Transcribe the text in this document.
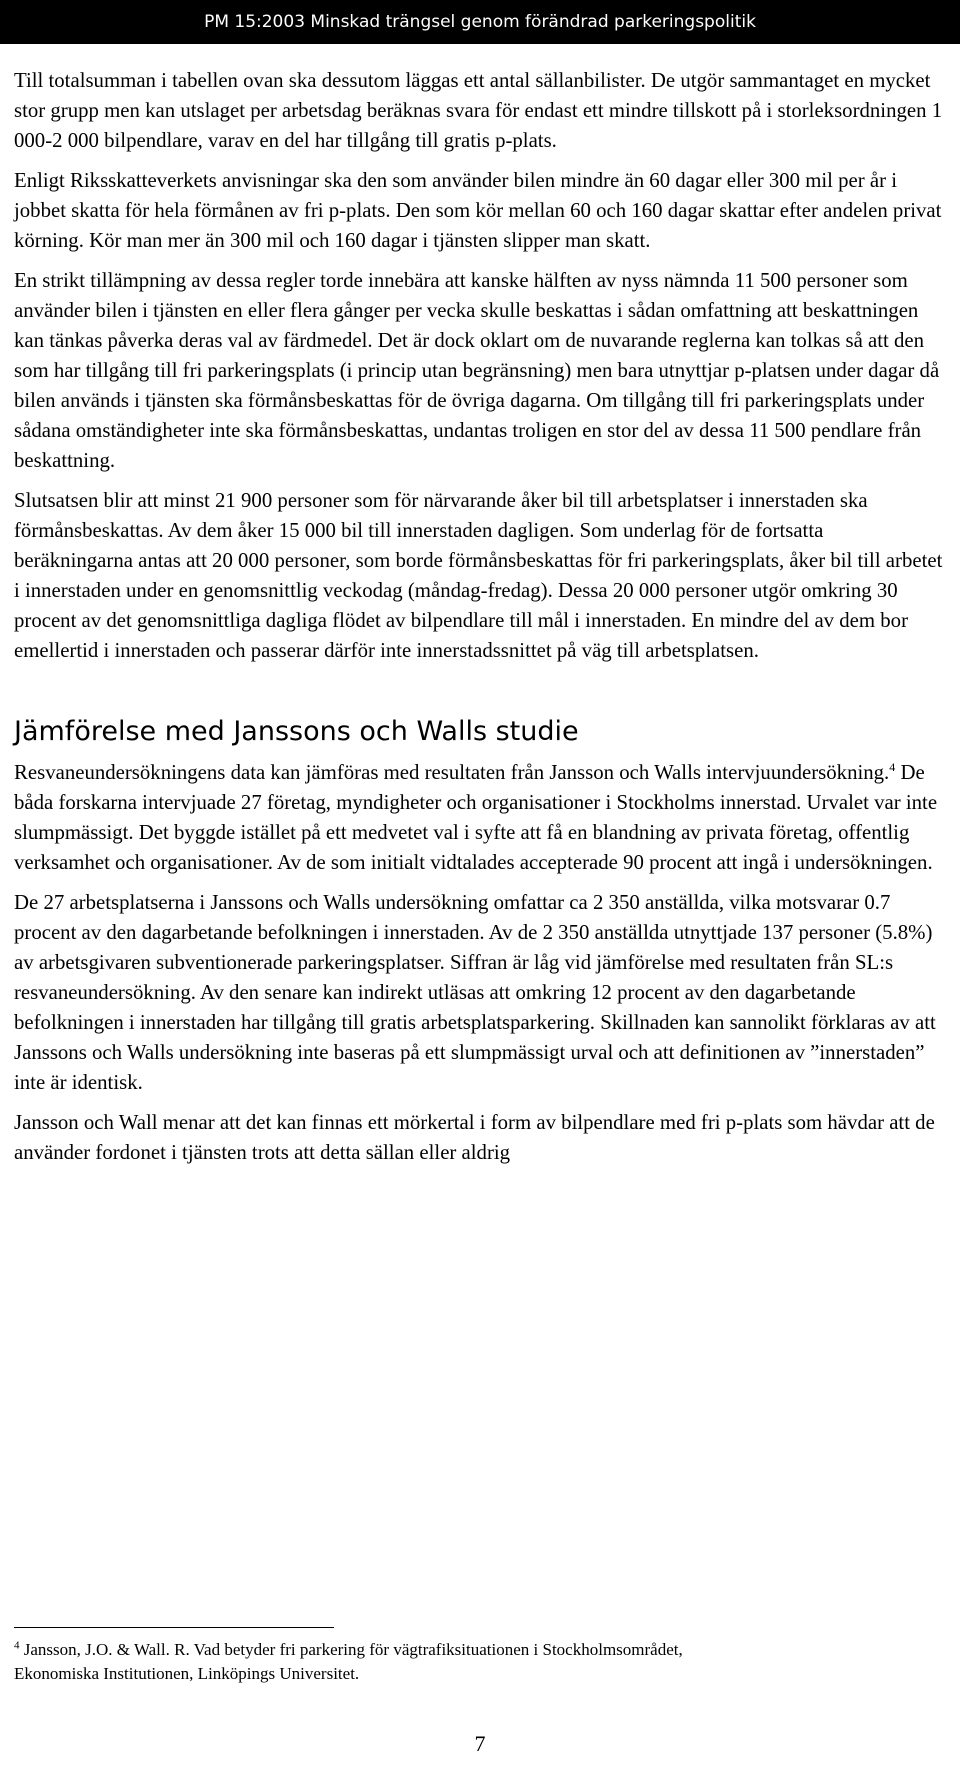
PM 15:2003 Minskad trängsel genom förändrad parkeringspolitik

Till totalsumman i tabellen ovan ska dessutom läggas ett antal sällanbilister. De utgör sammantaget en mycket stor grupp men kan utslaget per arbetsdag beräknas svara för endast ett mindre tillskott på i storleksordningen 1 000-2 000 bilpendlare, varav en del har tillgång till gratis p-plats.

Enligt Riksskatteverkets anvisningar ska den som använder bilen mindre än 60 dagar eller 300 mil per år i jobbet skatta för hela förmånen av fri p-plats. Den som kör mellan 60 och 160 dagar skattar efter andelen privat körning. Kör man mer än 300 mil och 160 dagar i tjänsten slipper man skatt.

En strikt tillämpning av dessa regler torde innebära att kanske hälften av nyss nämnda 11 500 personer som använder bilen i tjänsten en eller flera gånger per vecka skulle beskattas i sådan omfattning att beskattningen kan tänkas påverka deras val av färdmedel. Det är dock oklart om de nuvarande reglerna kan tolkas så att den som har tillgång till fri parkeringsplats (i princip utan begränsning) men bara utnyttjar p-platsen under dagar då bilen används i tjänsten ska förmånsbeskattas för de övriga dagarna. Om tillgång till fri parkeringsplats under sådana omständigheter inte ska förmånsbeskattas, undantas troligen en stor del av dessa 11 500 pendlare från beskattning.

Slutsatsen blir att minst 21 900 personer som för närvarande åker bil till arbetsplatser i innerstaden ska förmånsbeskattas. Av dem åker 15 000 bil till innerstaden dagligen. Som underlag för de fortsatta beräkningarna antas att 20 000 personer, som borde förmånsbeskattas för fri parkeringsplats, åker bil till arbetet i innerstaden under en genomsnittlig veckodag (måndag-fredag). Dessa 20 000 personer utgör omkring 30 procent av det genomsnittliga dagliga flödet av bilpendlare till mål i innerstaden. En mindre del av dem bor emellertid i innerstaden och passerar därför inte innerstadssnittet på väg till arbetsplatsen.

Jämförelse med Janssons och Walls studie

Resvaneundersökningens data kan jämföras med resultaten från Jansson och Walls intervjuundersökning.$^4$ De båda forskarna intervjuade 27 företag, myndigheter och organisationer i Stockholms innerstad. Urvalet var inte slumpmässigt. Det byggde istället på ett medvetet val i syfte att få en blandning av privata företag, offentlig verksamhet och organisationer. Av de som initialt vidtalades accepterade 90 procent att ingå i undersökningen.

De 27 arbetsplatserna i Janssons och Walls undersökning omfattar ca 2 350 anställda, vilka motsvarar 0.7 procent av den dagarbetande befolkningen i innerstaden. Av de 2 350 anställda utnyttjade 137 personer (5.8%) av arbetsgivaren subventionerade parkeringsplatser. Siffran är låg vid jämförelse med resultaten från SL:s resvaneundersökning. Av den senare kan indirekt utläsas att omkring 12 procent av den dagarbetande befolkningen i innerstaden har tillgång till gratis arbetsplatsparkering. Skillnaden kan sannolikt förklaras av att Janssons och Walls undersökning inte baseras på ett slumpmässigt urval och att definitionen av ”innerstaden” inte är identisk.

Jansson och Wall menar att det kan finnas ett mörkertal i form av bilpendlare med fri p-plats som hävdar att de använder fordonet i tjänsten trots att detta sällan eller aldrig

$^4$ Jansson, J.O. & Wall. R. Vad betyder fri parkering för vägtrafiksituationen i Stockholmsområdet,
Ekonomiska Institutionen, Linköpings Universitet.
7
